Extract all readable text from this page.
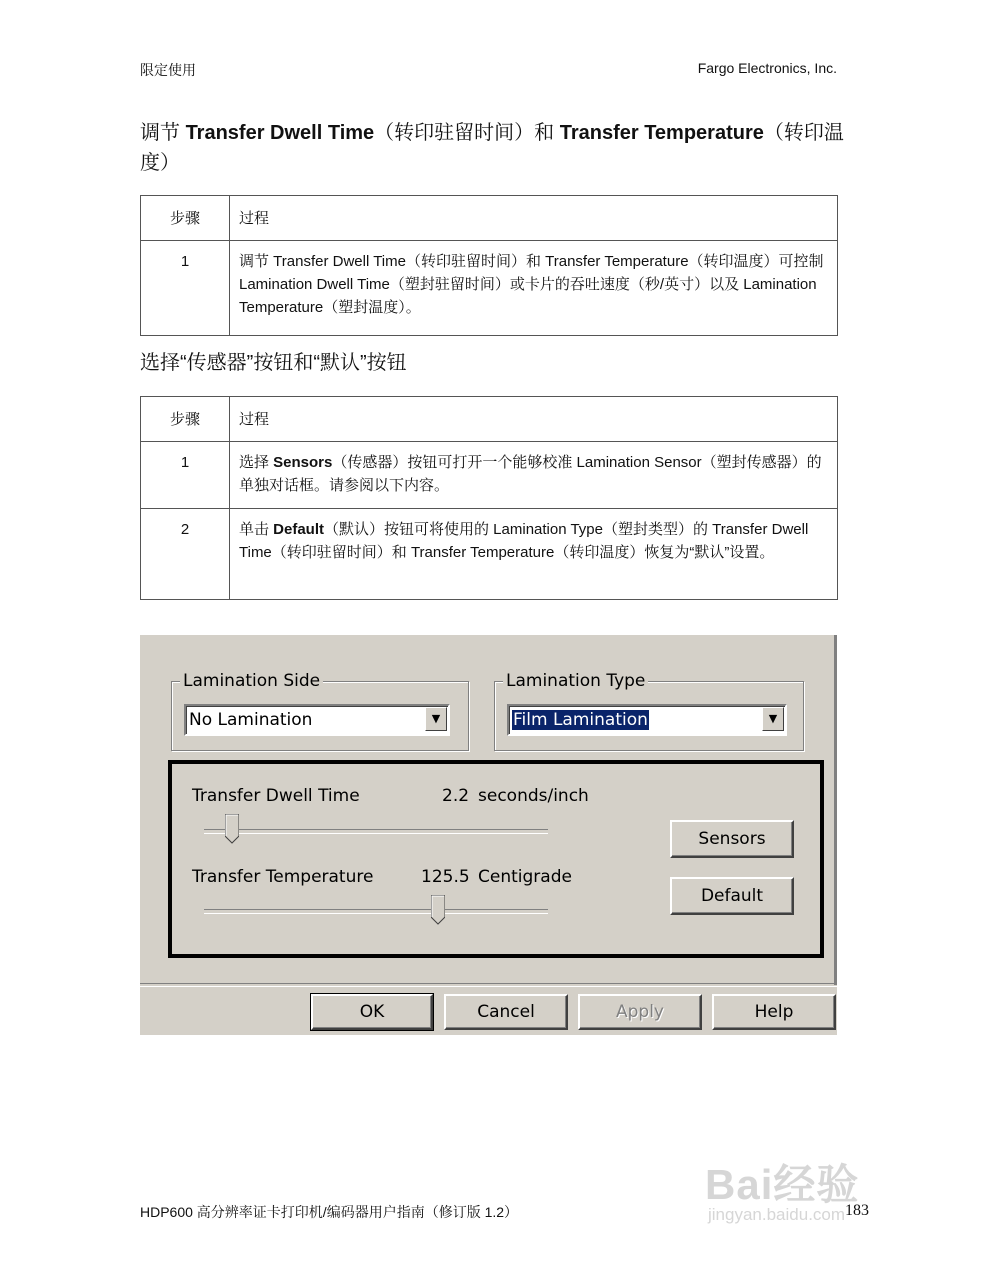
限定使用	Fargo Electronics, Inc.
调节 Transfer Dwell Time（转印驻留时间）和 Transfer Temperature（转印温度）
步骤	过程
1	调节 Transfer Dwell Time（转印驻留时间）和 Transfer Temperature（转印温度）可控制 Lamination Dwell Time（塑封驻留时间）或卡片的吞吐速度（秒/英寸）以及 Lamination Temperature（塑封温度）。
选择“传感器”按钮和“默认”按钮
步骤	过程
1	选择 Sensors（传感器）按钮可打开一个能够校准 Lamination Sensor（塑封传感器）的单独对话框。请参阅以下内容。
2	单击 Default（默认）按钮可将使用的 Lamination Type（塑封类型）的 Transfer Dwell Time（转印驻留时间）和 Transfer Temperature（转印温度）恢复为“默认”设置。
Lamination Side
No Lamination	▼
Lamination Type
Film Lamination	▼
Transfer Dwell Time	2.2 seconds/inch
Transfer Temperature	125.5 Centigrade
Sensors
Default
OK	Cancel	Apply	Help
HDP600 高分辨率证卡打印机/编码器用户指南（修订版 1.2）	183
Bai经验
jingyan.baidu.com
